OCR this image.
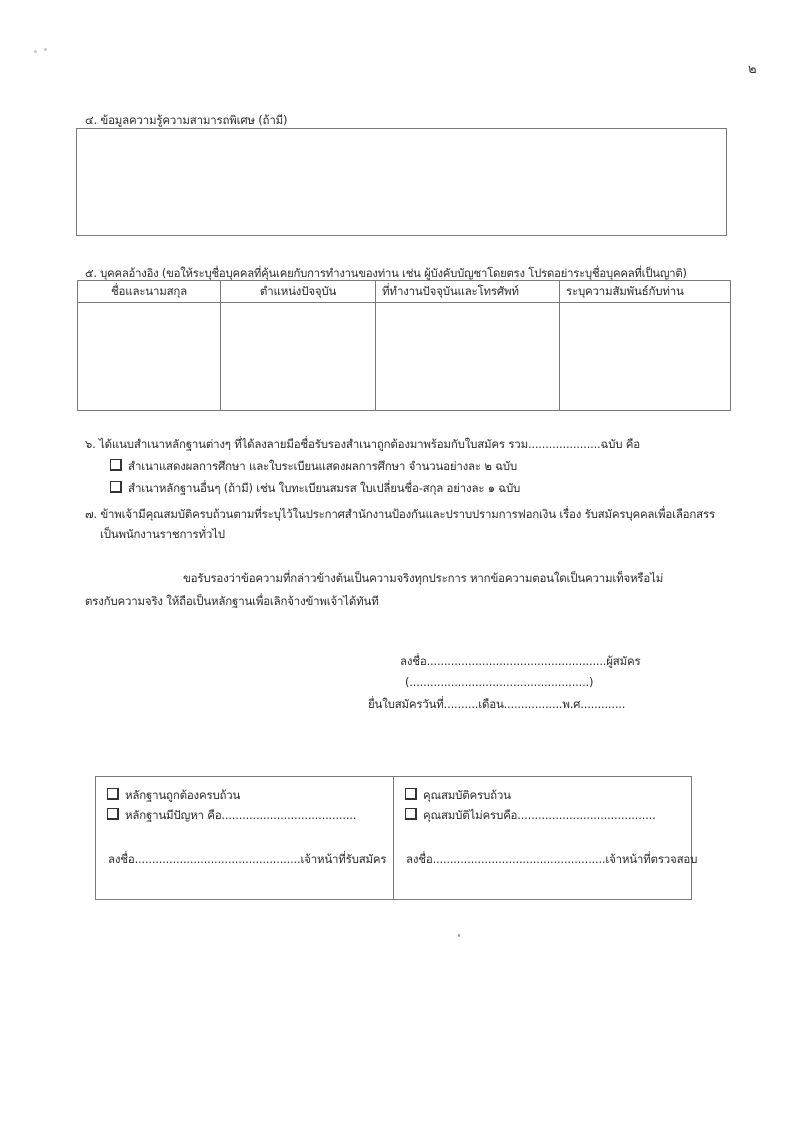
๒
๔. ข้อมูลความรู้ความสามารถพิเศษ (ถ้ามี)
๕. บุคคลอ้างอิง (ขอให้ระบุชื่อบุคคลที่คุ้นเคยกับการทำงานของท่าน เช่น ผู้บังคับบัญชาโดยตรง โปรดอย่าระบุชื่อบุคคลที่เป็นญาติ)
ชื่อและนามสกุล	ตำแหน่งปัจจุบัน	ที่ทำงานปัจจุบันและโทรศัพท์	ระบุความสัมพันธ์กับท่าน

๖. ได้แนบสำเนาหลักฐานต่างๆ ที่ได้ลงลายมือชื่อรับรองสำเนาถูกต้องมาพร้อมกับใบสมัคร รวม.....................ฉบับ คือ
สำเนาแสดงผลการศึกษา และใบระเบียนแสดงผลการศึกษา จำนวนอย่างละ ๒ ฉบับ
สำเนาหลักฐานอื่นๆ (ถ้ามี) เช่น ใบทะเบียนสมรส ใบเปลี่ยนชื่อ-สกุล อย่างละ ๑ ฉบับ
๗. ข้าพเจ้ามีคุณสมบัติครบถ้วนตามที่ระบุไว้ในประกาศสำนักงานป้องกันและปราบปรามการฟอกเงิน เรื่อง รับสมัครบุคคลเพื่อเลือกสรร
เป็นพนักงานราชการทั่วไป
ขอรับรองว่าข้อความที่กล่าวข้างต้นเป็นความจริงทุกประการ หากข้อความตอนใดเป็นความเท็จหรือไม่
ตรงกับความจริง ให้ถือเป็นหลักฐานเพื่อเลิกจ้างข้าพเจ้าได้ทันที
ลงชื่อ....................................................ผู้สมัคร
(....................................................)
ยื่นใบสมัครวันที่..........เดือน.................พ.ศ.............
หลักฐานถูกต้องครบถ้วน
หลักฐานมีปัญหา คือ.......................................
ลงชื่อ................................................เจ้าหน้าที่รับสมัคร
คุณสมบัติครบถ้วน
คุณสมบัติไม่ครบคือ........................................
ลงชื่อ..................................................เจ้าหน้าที่ตรวจสอบ
